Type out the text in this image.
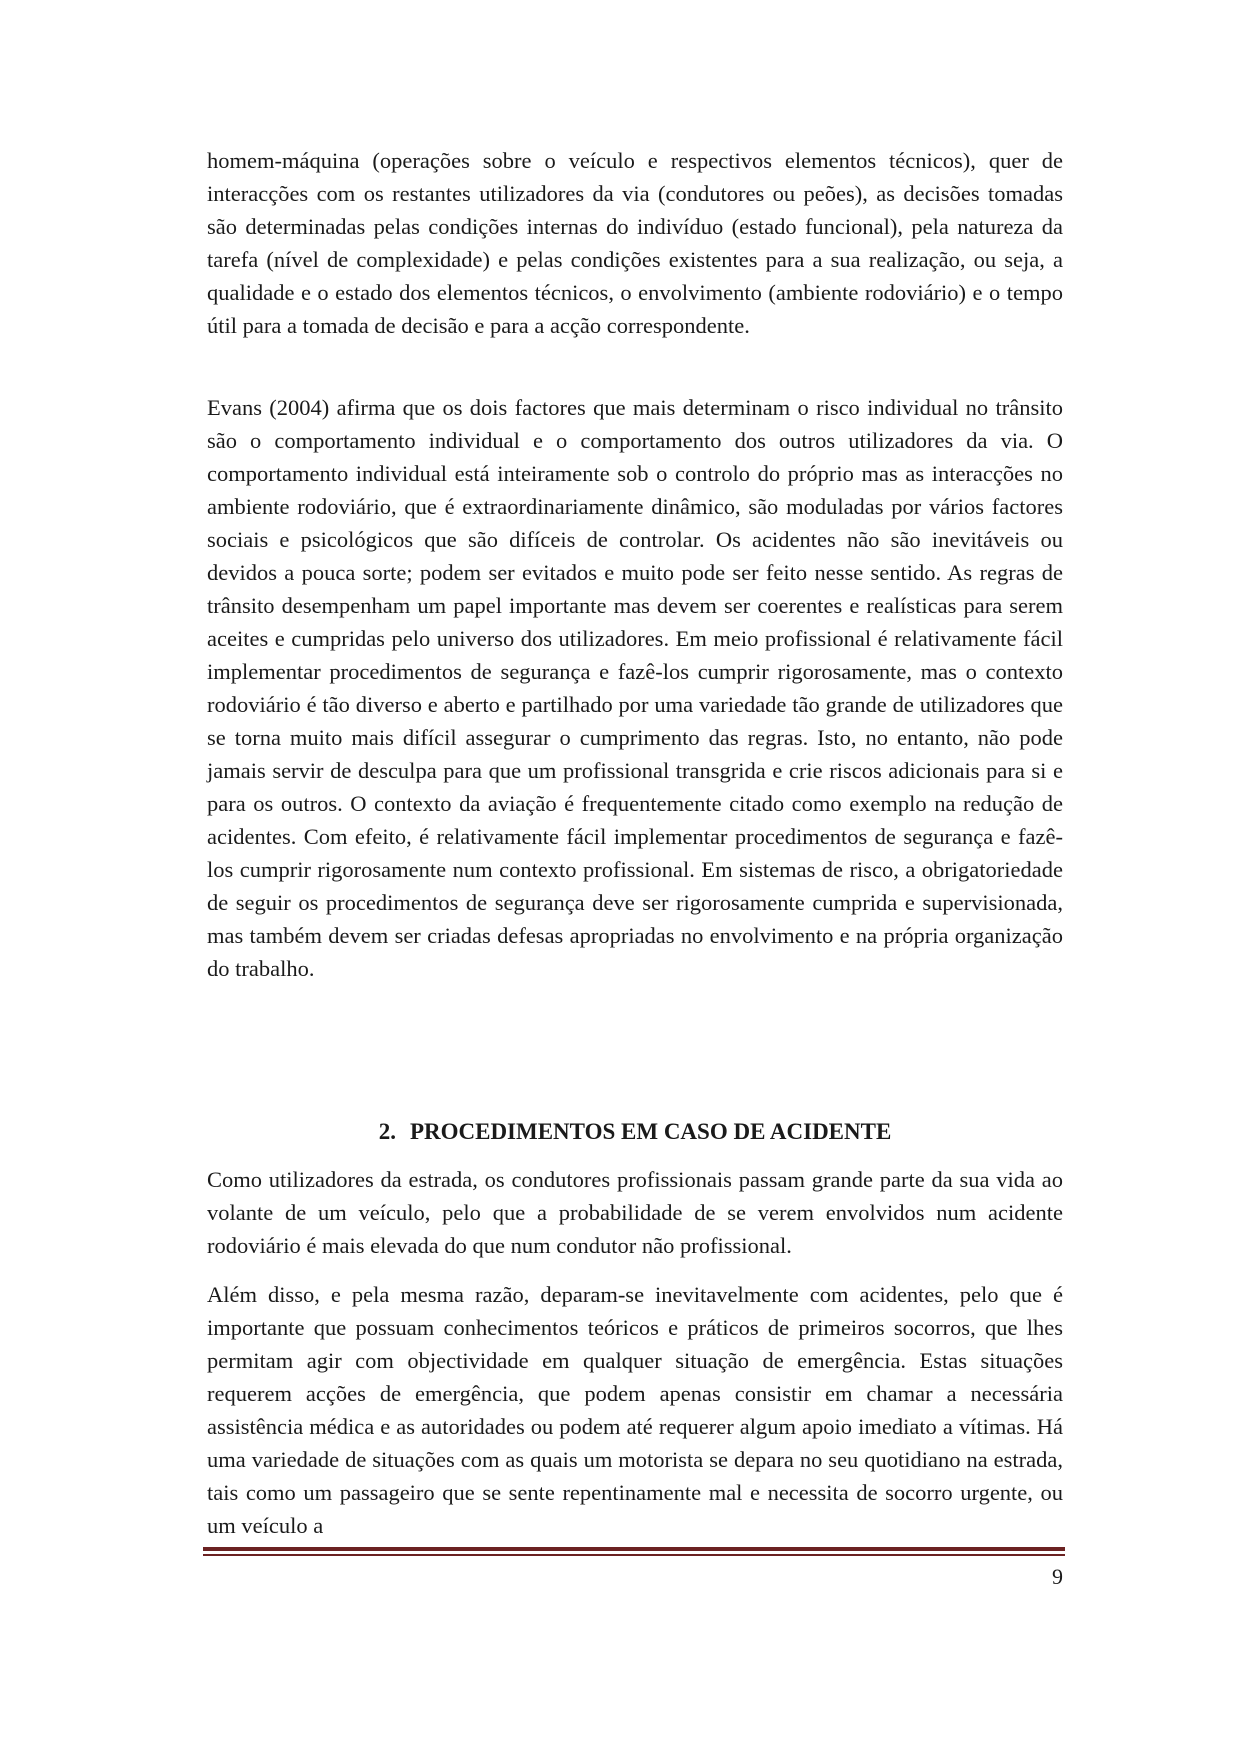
homem-máquina (operações sobre o veículo e respectivos elementos técnicos), quer de interacções com os restantes utilizadores da via (condutores ou peões), as decisões tomadas são determinadas pelas condições internas do indivíduo (estado funcional), pela natureza da tarefa (nível de complexidade) e pelas condições existentes para a sua realização, ou seja, a qualidade e o estado dos elementos técnicos, o envolvimento (ambiente rodoviário) e o tempo útil para a tomada de decisão e para a acção correspondente.

Evans (2004) afirma que os dois factores que mais determinam o risco individual no trânsito são o comportamento individual e o comportamento dos outros utilizadores da via. O comportamento individual está inteiramente sob o controlo do próprio mas as interacções no ambiente rodoviário, que é extraordinariamente dinâmico, são moduladas por vários factores sociais e psicológicos que são difíceis de controlar. Os acidentes não são inevitáveis ou devidos a pouca sorte; podem ser evitados e muito pode ser feito nesse sentido. As regras de trânsito desempenham um papel importante mas devem ser coerentes e realísticas para serem aceites e cumpridas pelo universo dos utilizadores. Em meio profissional é relativamente fácil implementar procedimentos de segurança e fazê-los cumprir rigorosamente, mas o contexto rodoviário é tão diverso e aberto e partilhado por uma variedade tão grande de utilizadores que se torna muito mais difícil assegurar o cumprimento das regras. Isto, no entanto, não pode jamais servir de desculpa para que um profissional transgrida e crie riscos adicionais para si e para os outros. O contexto da aviação é frequentemente citado como exemplo na redução de acidentes. Com efeito, é relativamente fácil implementar procedimentos de segurança e fazê-los cumprir rigorosamente num contexto profissional. Em sistemas de risco, a obrigatoriedade de seguir os procedimentos de segurança deve ser rigorosamente cumprida e supervisionada, mas também devem ser criadas defesas apropriadas no envolvimento e na própria organização do trabalho.

2. PROCEDIMENTOS EM CASO DE ACIDENTE

Como utilizadores da estrada, os condutores profissionais passam grande parte da sua vida ao volante de um veículo, pelo que a probabilidade de se verem envolvidos num acidente rodoviário é mais elevada do que num condutor não profissional.

Além disso, e pela mesma razão, deparam-se inevitavelmente com acidentes, pelo que é importante que possuam conhecimentos teóricos e práticos de primeiros socorros, que lhes permitam agir com objectividade em qualquer situação de emergência. Estas situações requerem acções de emergência, que podem apenas consistir em chamar a necessária assistência médica e as autoridades ou podem até requerer algum apoio imediato a vítimas. Há uma variedade de situações com as quais um motorista se depara no seu quotidiano na estrada, tais como um passageiro que se sente repentinamente mal e necessita de socorro urgente, ou um veículo a

9
